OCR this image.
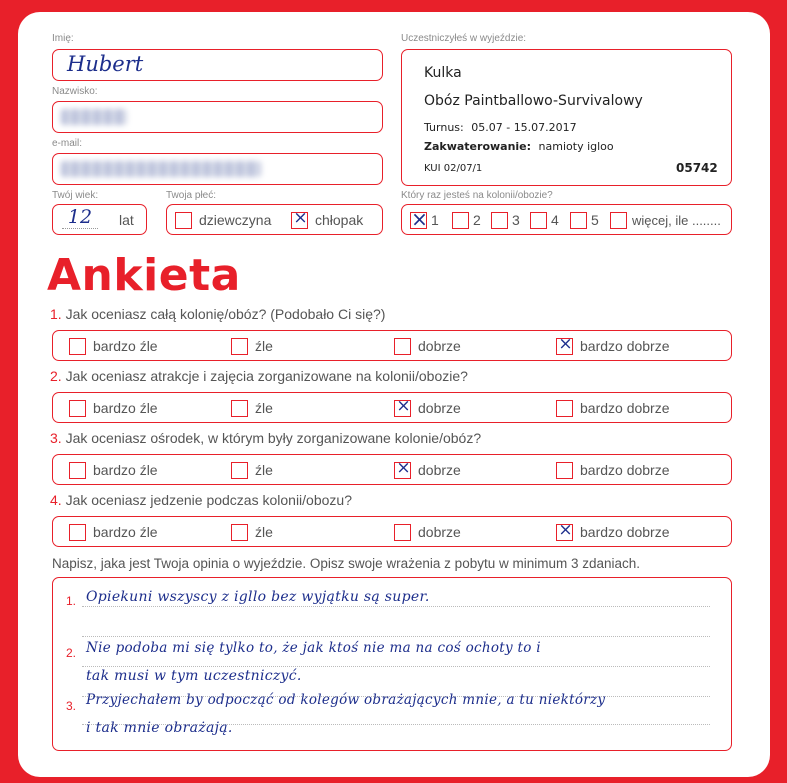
Imię:
Hubert
Nazwisko:
e-mail:
Twój wiek:
12	lat
Twoja płeć:
dziewczyna × chłopak
Uczestniczyłeś w wyjeździe:
Kulka
Obóz Paintballowo-Survivalowy
Turnus: 05.07 - 15.07.2017
Zakwaterowanie: namioty igloo
KUI 02/07/1	05742
Który raz jesteś na kolonii/obozie?
× 1	2	3	4	5	więcej, ile ........
Ankieta
1. Jak oceniasz całą kolonię/obóz? (Podobało Ci się?)
bardzo źle	źle	dobrze	× bardzo dobrze
2. Jak oceniasz atrakcje i zajęcia zorganizowane na kolonii/obozie?
bardzo źle	źle	× dobrze	bardzo dobrze
3. Jak oceniasz ośrodek, w którym były zorganizowane kolonie/obóz?
bardzo źle	źle	× dobrze	bardzo dobrze
4. Jak oceniasz jedzenie podczas kolonii/obozu?
bardzo źle	źle	dobrze	× bardzo dobrze
Napisz, jaka jest Twoja opinia o wyjeździe. Opisz swoje wrażenia z pobytu w minimum 3 zdaniach.
1.
2.
3.
Opiekuni wszyscy z igllo bez wyjątku są super.
Nie podoba mi się tylko to, że jak ktoś nie ma na coś ochoty to i
tak musi w tym uczestniczyć.
Przyjechałem by odpocząć od kolegów obrażających mnie, a tu niektórzy
i tak mnie obrażają.
